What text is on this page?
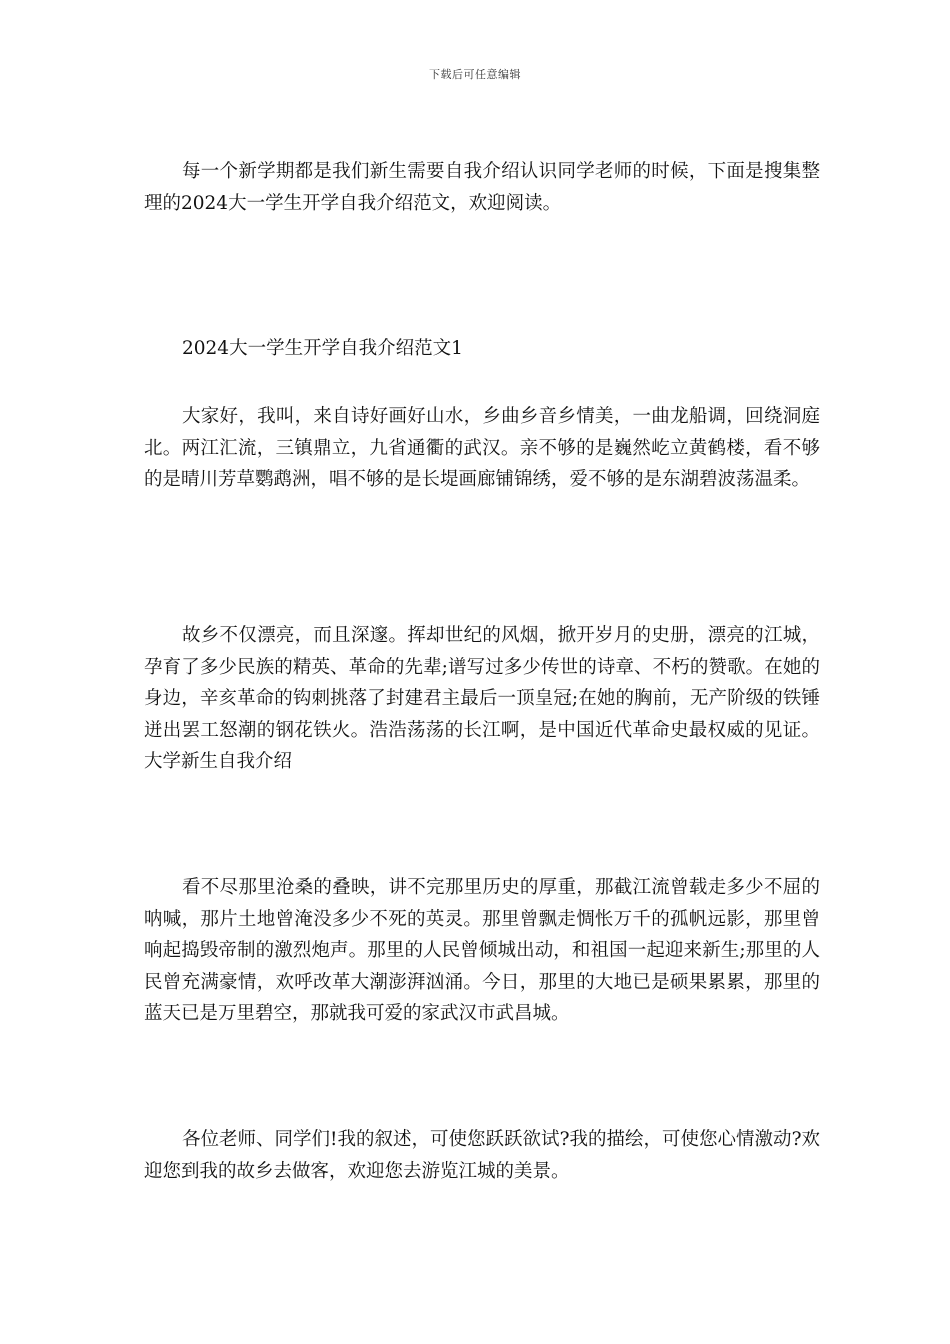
下载后可任意编辑

每一个新学期都是我们新生需要自我介绍认识同学老师的时候，下面是搜集整理的2024大一学生开学自我介绍范文，欢迎阅读。

2024大一学生开学自我介绍范文1

大家好，我叫，来自诗好画好山水，乡曲乡音乡情美，一曲龙船调，回绕洞庭北。两江汇流，三镇鼎立，九省通衢的武汉。亲不够的是巍然屹立黄鹤楼，看不够的是晴川芳草鹦鹉洲，唱不够的是长堤画廊铺锦绣，爱不够的是东湖碧波荡温柔。

故乡不仅漂亮，而且深邃。挥却世纪的风烟，掀开岁月的史册，漂亮的江城，孕育了多少民族的精英、革命的先辈;谱写过多少传世的诗章、不朽的赞歌。在她的身边，辛亥革命的钩刺挑落了封建君主最后一顶皇冠;在她的胸前，无产阶级的铁锤迸出罢工怒潮的钢花铁火。浩浩荡荡的长江啊，是中国近代革命史最权威的见证。大学新生自我介绍

看不尽那里沧桑的叠映，讲不完那里历史的厚重，那截江流曾载走多少不屈的呐喊，那片土地曾淹没多少不死的英灵。那里曾飘走惆怅万千的孤帆远影，那里曾响起捣毁帝制的激烈炮声。那里的人民曾倾城出动，和祖国一起迎来新生;那里的人民曾充满豪情，欢呼改革大潮澎湃汹涌。今日，那里的大地已是硕果累累，那里的蓝天已是万里碧空，那就我可爱的家武汉市武昌城。

各位老师、同学们!我的叙述，可使您跃跃欲试?我的描绘，可使您心情激动?欢迎您到我的故乡去做客，欢迎您去游览江城的美景。
